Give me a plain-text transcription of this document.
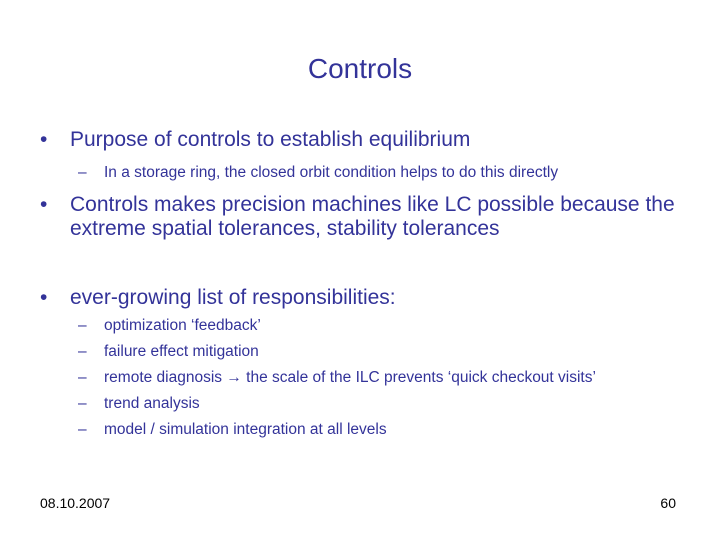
Controls
•	Purpose of controls to establish equilibrium
–	In a storage ring, the closed orbit condition helps to do this directly
•	Controls makes precision machines like LC possible because the extreme spatial tolerances, stability tolerances
•	ever-growing list of responsibilities:
–	optimization ‘feedback’
–	failure effect mitigation
–	remote diagnosis → the scale of the ILC prevents ‘quick checkout visits’
–	trend analysis
–	model / simulation integration at all levels
08.10.2007	60
